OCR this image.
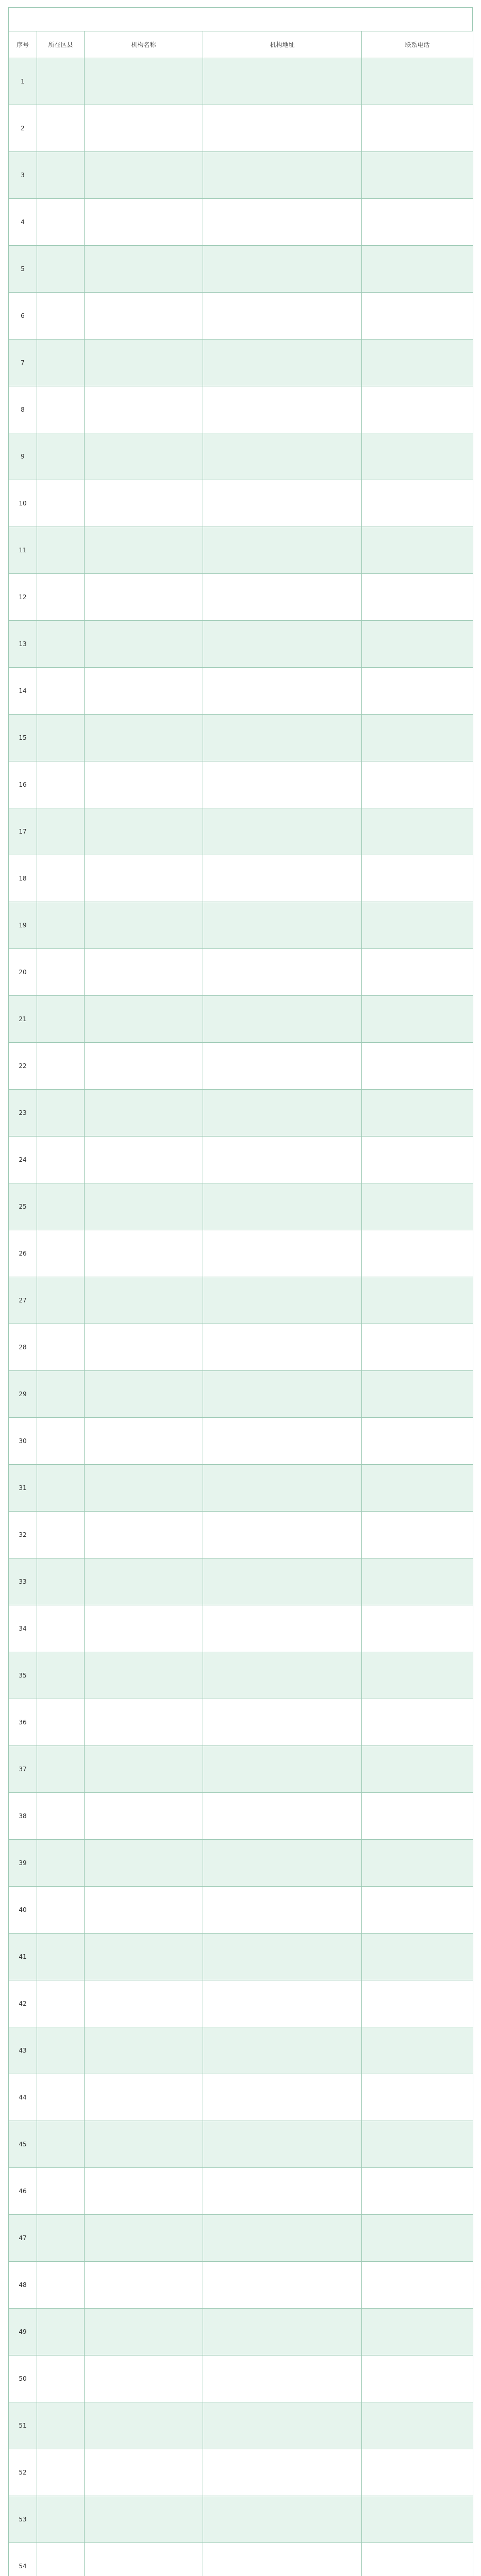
序号	所在区县	机构名称	机构地址	联系电话
1				
2				
3				
4				
5				
6				
7				
8				
9				
10				
11				
12				
13				
14				
15				
16				
17				
18				
19				
20				
21				
22				
23				
24				
25				
26				
27				
28				
29				
30				
31				
32				
33				
34				
35				
36				
37				
38				
39				
40				
41				
42				
43				
44				
45				
46				
47				
48				
49				
50				
51				
52				
53				
54				
